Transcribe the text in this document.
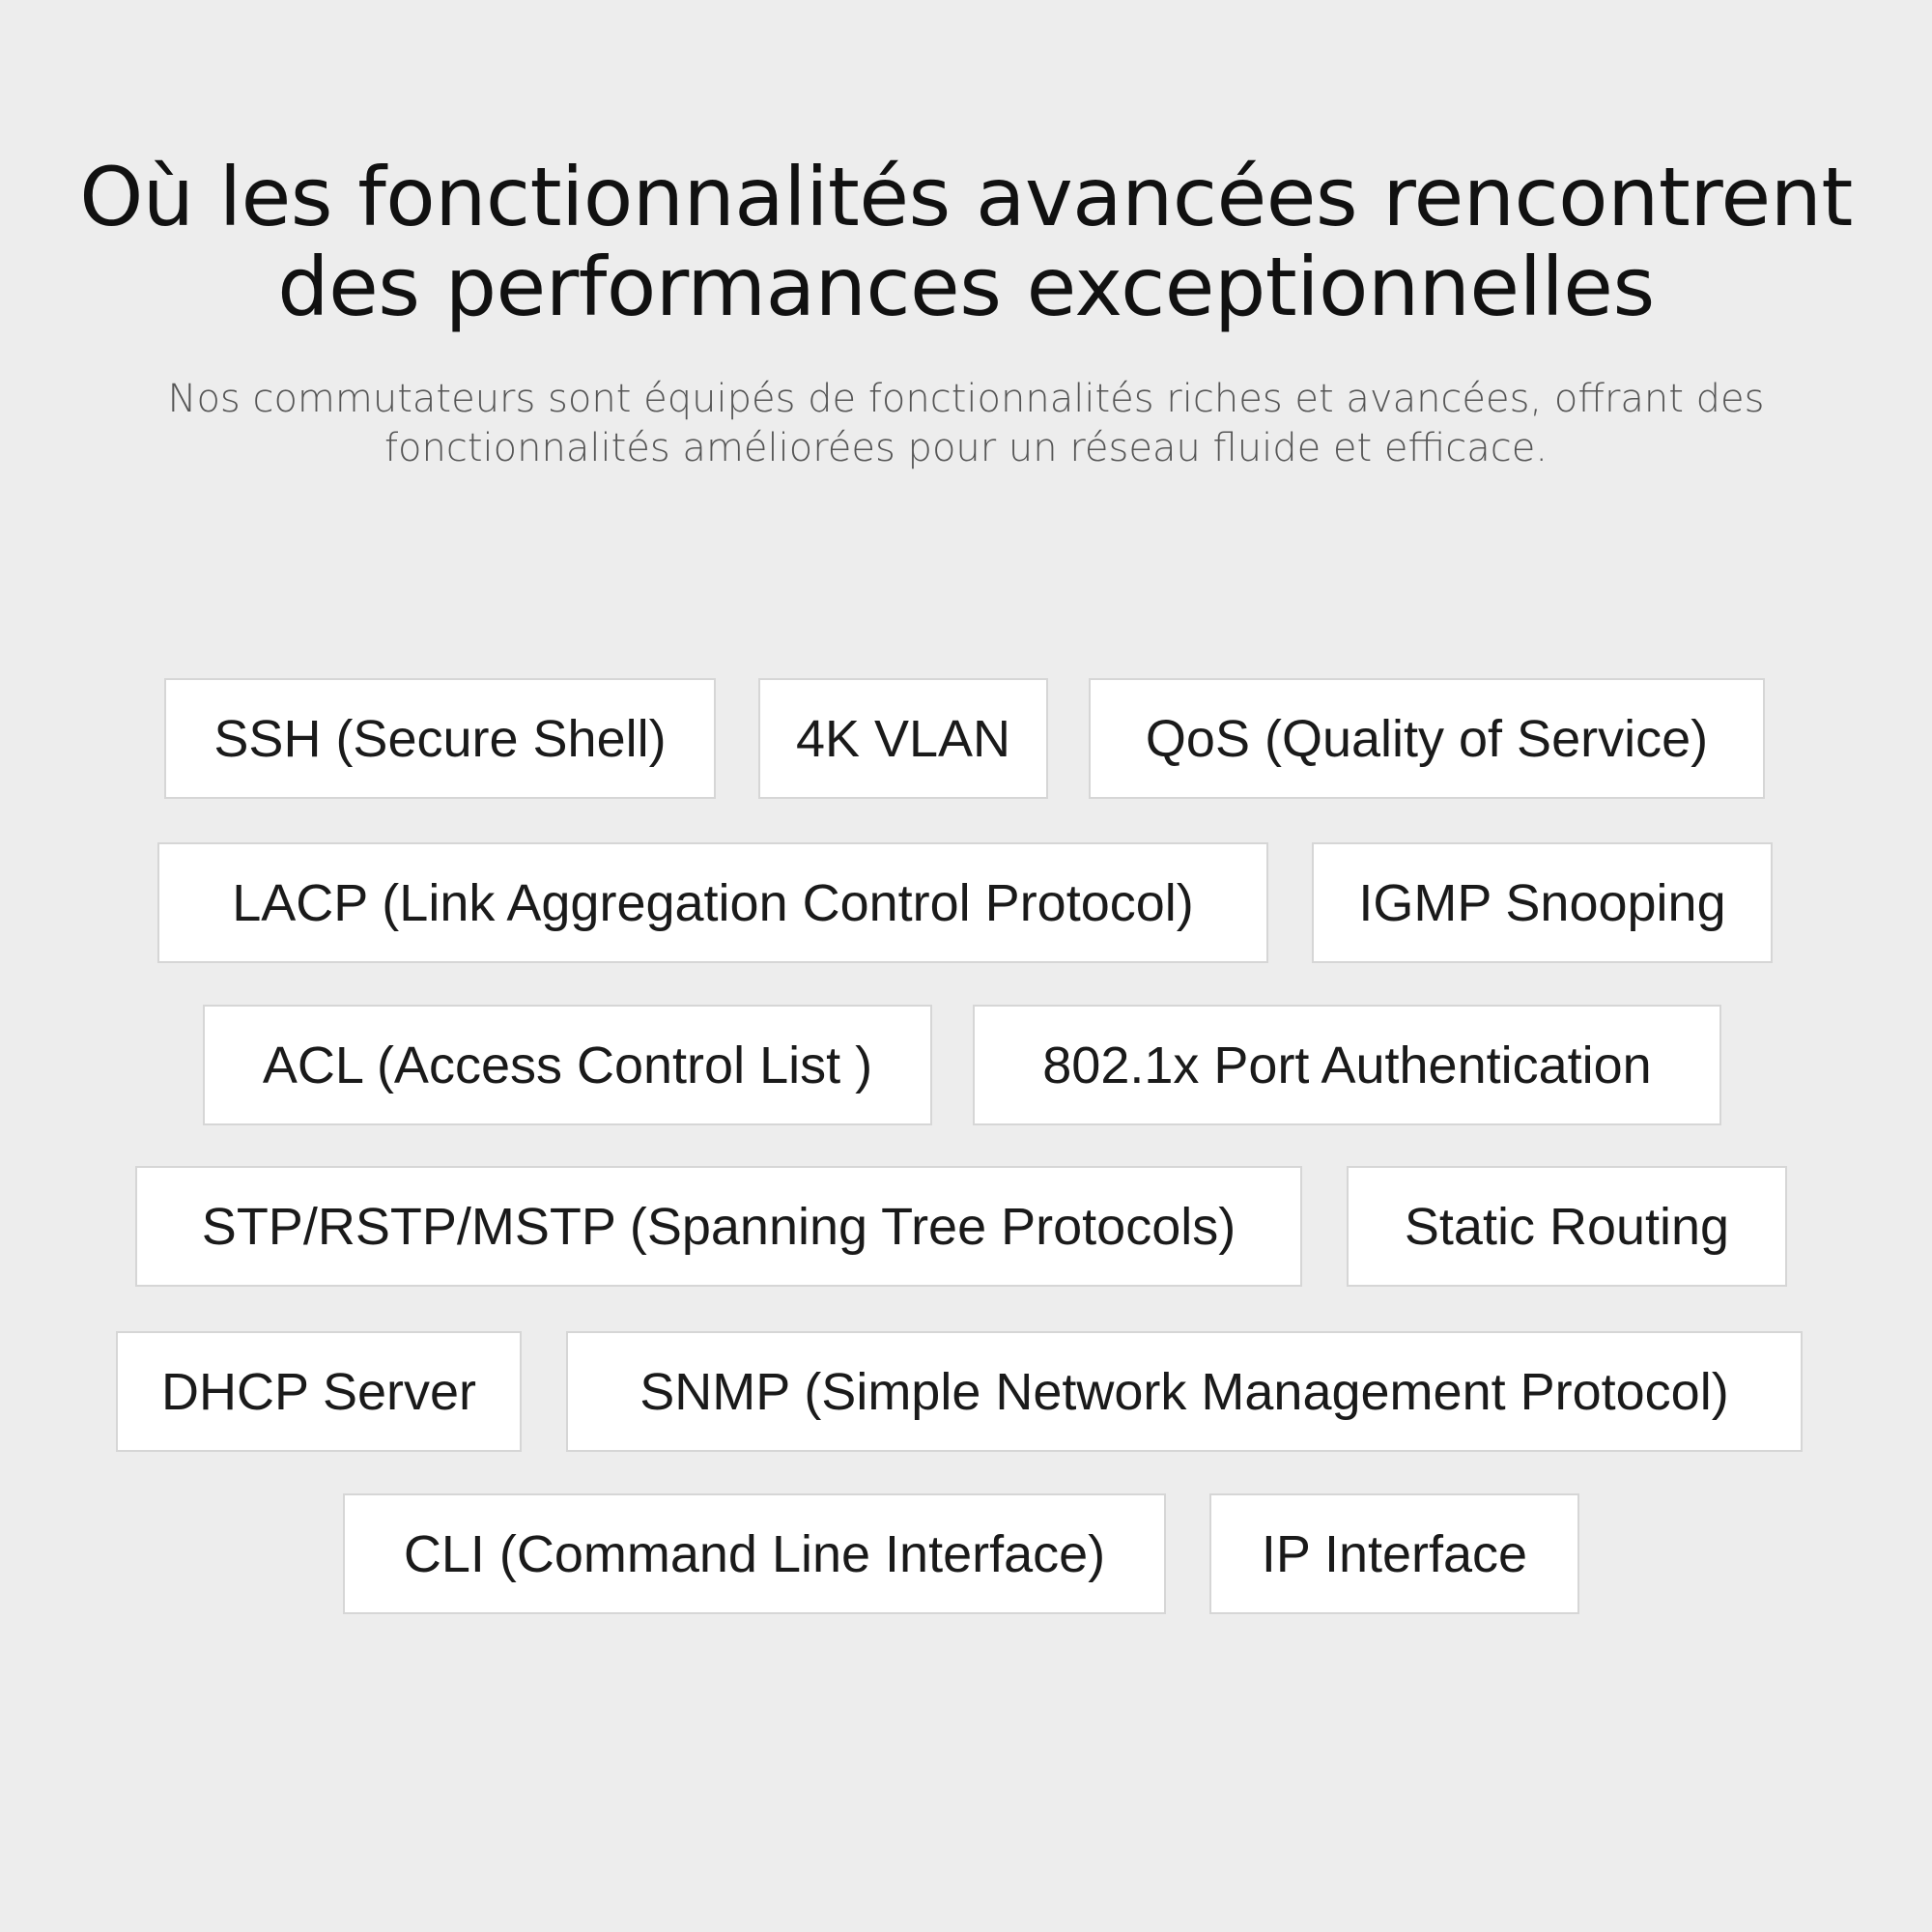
Où les fonctionnalités avancées rencontrent
des performances exceptionnelles

Nos commutateurs sont équipés de fonctionnalités riches et avancées, offrant des
fonctionnalités améliorées pour un réseau fluide et efficace.

SSH (Secure Shell)	4K VLAN	QoS (Quality of Service)
LACP (Link Aggregation Control Protocol)	IGMP Snooping
ACL (Access Control List )	802.1x Port Authentication
STP/RSTP/MSTP (Spanning Tree Protocols)	Static Routing
DHCP Server	SNMP (Simple Network Management Protocol)
CLI (Command Line Interface)	IP Interface
